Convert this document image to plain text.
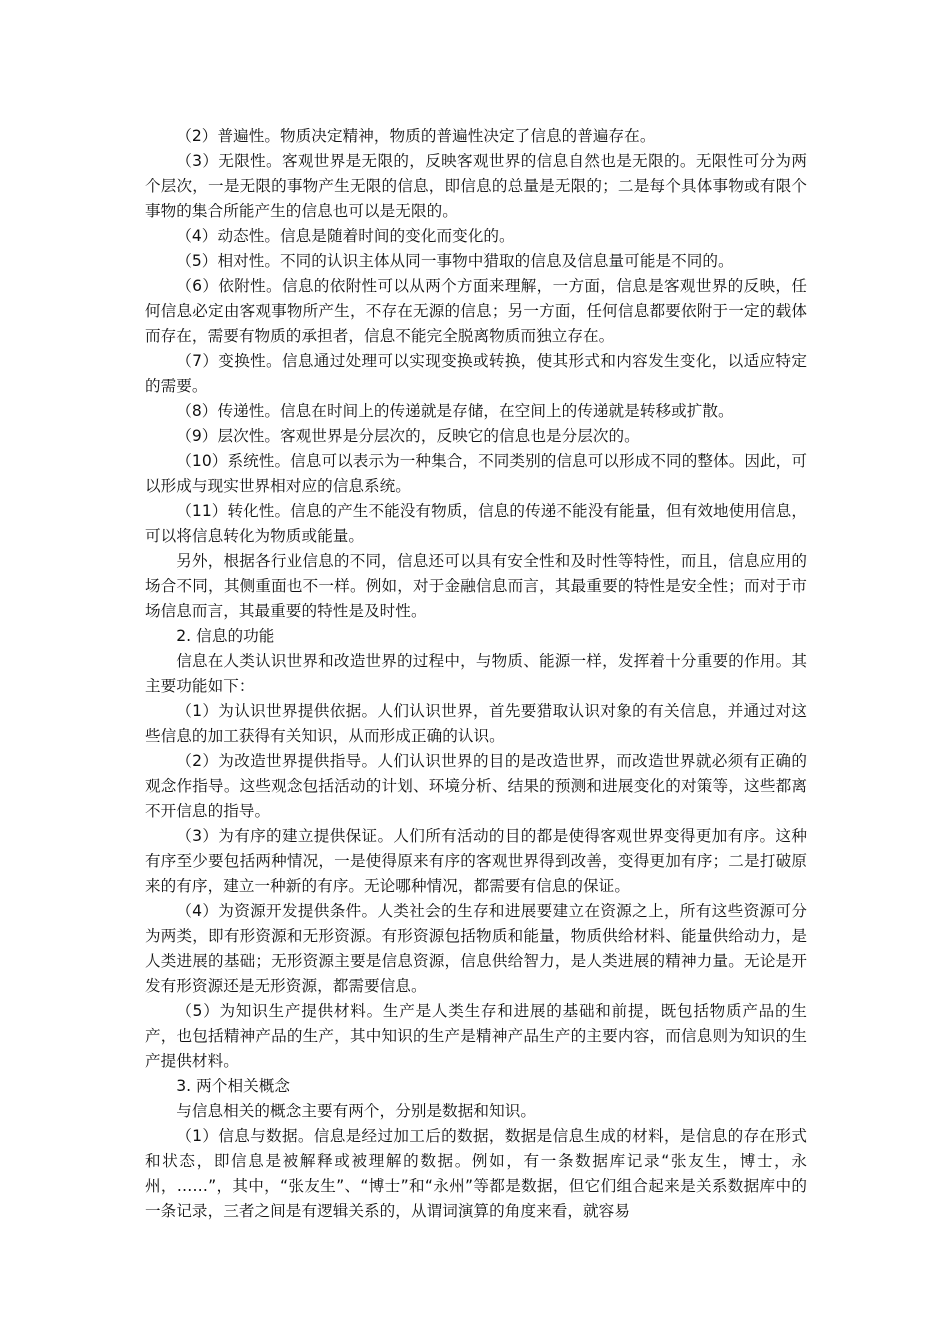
（2）普遍性。物质决定精神，物质的普遍性决定了信息的普遍存在。

（3）无限性。客观世界是无限的，反映客观世界的信息自然也是无限的。无限性可分为两个层次，一是无限的事物产生无限的信息，即信息的总量是无限的；二是每个具体事物或有限个事物的集合所能产生的信息也可以是无限的。

（4）动态性。信息是随着时间的变化而变化的。

（5）相对性。不同的认识主体从同一事物中猎取的信息及信息量可能是不同的。

（6）依附性。信息的依附性可以从两个方面来理解，一方面，信息是客观世界的反映，任何信息必定由客观事物所产生，不存在无源的信息；另一方面，任何信息都要依附于一定的载体而存在，需要有物质的承担者，信息不能完全脱离物质而独立存在。

（7）变换性。信息通过处理可以实现变换或转换，使其形式和内容发生变化，以适应特定的需要。

（8）传递性。信息在时间上的传递就是存储，在空间上的传递就是转移或扩散。

（9）层次性。客观世界是分层次的，反映它的信息也是分层次的。

（10）系统性。信息可以表示为一种集合，不同类别的信息可以形成不同的整体。因此，可以形成与现实世界相对应的信息系统。

（11）转化性。信息的产生不能没有物质，信息的传递不能没有能量，但有效地使用信息，可以将信息转化为物质或能量。

另外，根据各行业信息的不同，信息还可以具有安全性和及时性等特性，而且，信息应用的场合不同，其侧重面也不一样。例如，对于金融信息而言，其最重要的特性是安全性；而对于市场信息而言，其最重要的特性是及时性。

2. 信息的功能

信息在人类认识世界和改造世界的过程中，与物质、能源一样，发挥着十分重要的作用。其主要功能如下：

（1）为认识世界提供依据。人们认识世界，首先要猎取认识对象的有关信息，并通过对这些信息的加工获得有关知识，从而形成正确的认识。

（2）为改造世界提供指导。人们认识世界的目的是改造世界，而改造世界就必须有正确的观念作指导。这些观念包括活动的计划、环境分析、结果的预测和进展变化的对策等，这些都离不开信息的指导。

（3）为有序的建立提供保证。人们所有活动的目的都是使得客观世界变得更加有序。这种有序至少要包括两种情况，一是使得原来有序的客观世界得到改善，变得更加有序；二是打破原来的有序，建立一种新的有序。无论哪种情况，都需要有信息的保证。

（4）为资源开发提供条件。人类社会的生存和进展要建立在资源之上，所有这些资源可分为两类，即有形资源和无形资源。有形资源包括物质和能量，物质供给材料、能量供给动力，是人类进展的基础；无形资源主要是信息资源，信息供给智力，是人类进展的精神力量。无论是开发有形资源还是无形资源，都需要信息。

（5）为知识生产提供材料。生产是人类生存和进展的基础和前提，既包括物质产品的生产，也包括精神产品的生产，其中知识的生产是精神产品生产的主要内容，而信息则为知识的生产提供材料。

3. 两个相关概念

与信息相关的概念主要有两个，分别是数据和知识。

（1）信息与数据。信息是经过加工后的数据，数据是信息生成的材料，是信息的存在形式和状态，即信息是被解释或被理解的数据。例如，有一条数据库记录“张友生，博士，永州，……”，其中，“张友生”、“博士”和“永州”等都是数据，但它们组合起来是关系数据库中的一条记录，三者之间是有逻辑关系的，从谓词演算的角度来看，就容易
